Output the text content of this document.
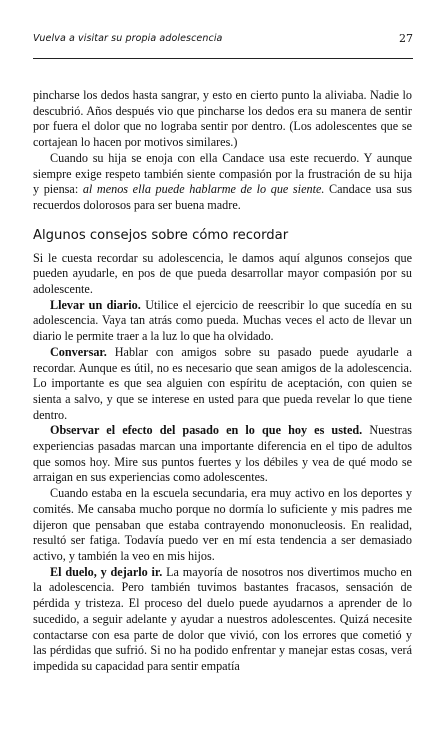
Vuelva a visitar su propia adolescencia	27

pincharse los dedos hasta sangrar, y esto en cierto punto la aliviaba. Nadie lo descubrió. Años después vio que pincharse los dedos era su manera de sentir por fuera el dolor que no lograba sentir por dentro. (Los adolescentes que se cortajean lo hacen por motivos similares.)

Cuando su hija se enoja con ella Candace usa este recuerdo. Y aunque siempre exige respeto también siente compasión por la frustración de su hija y piensa: al menos ella puede hablarme de lo que siente. Candace usa sus recuerdos dolorosos para ser buena madre.

Algunos consejos sobre cómo recordar

Si le cuesta recordar su adolescencia, le damos aquí algunos consejos que pueden ayudarle, en pos de que pueda desarrollar mayor compasión por su adolescente.

Llevar un diario. Utilice el ejercicio de reescribir lo que sucedía en su adolescencia. Vaya tan atrás como pueda. Muchas veces el acto de llevar un diario le permite traer a la luz lo que ha olvidado.

Conversar. Hablar con amigos sobre su pasado puede ayudarle a recordar. Aunque es útil, no es necesario que sean amigos de la adolescencia. Lo importante es que sea alguien con espíritu de aceptación, con quien se sienta a salvo, y que se interese en usted para que pueda revelar lo que tiene dentro.

Observar el efecto del pasado en lo que hoy es usted. Nuestras experiencias pasadas marcan una importante diferencia en el tipo de adultos que somos hoy. Mire sus puntos fuertes y los débiles y vea de qué modo se arraigan en sus experiencias como adolescentes.

Cuando estaba en la escuela secundaria, era muy activo en los deportes y comités. Me cansaba mucho porque no dormía lo suficiente y mis padres me dijeron que pensaban que estaba contrayendo mononucleosis. En realidad, resultó ser fatiga. Todavía puedo ver en mí esta tendencia a ser demasiado activo, y también la veo en mis hijos.

El duelo, y dejarlo ir. La mayoría de nosotros nos divertimos mucho en la adolescencia. Pero también tuvimos bastantes fracasos, sensación de pérdida y tristeza. El proceso del duelo puede ayudarnos a aprender de lo sucedido, a seguir adelante y ayudar a nuestros adolescentes. Quizá necesite contactarse con esa parte de dolor que vivió, con los errores que cometió y las pérdidas que sufrió. Si no ha podido enfrentar y manejar estas cosas, verá impedida su capacidad para sentir empatía
